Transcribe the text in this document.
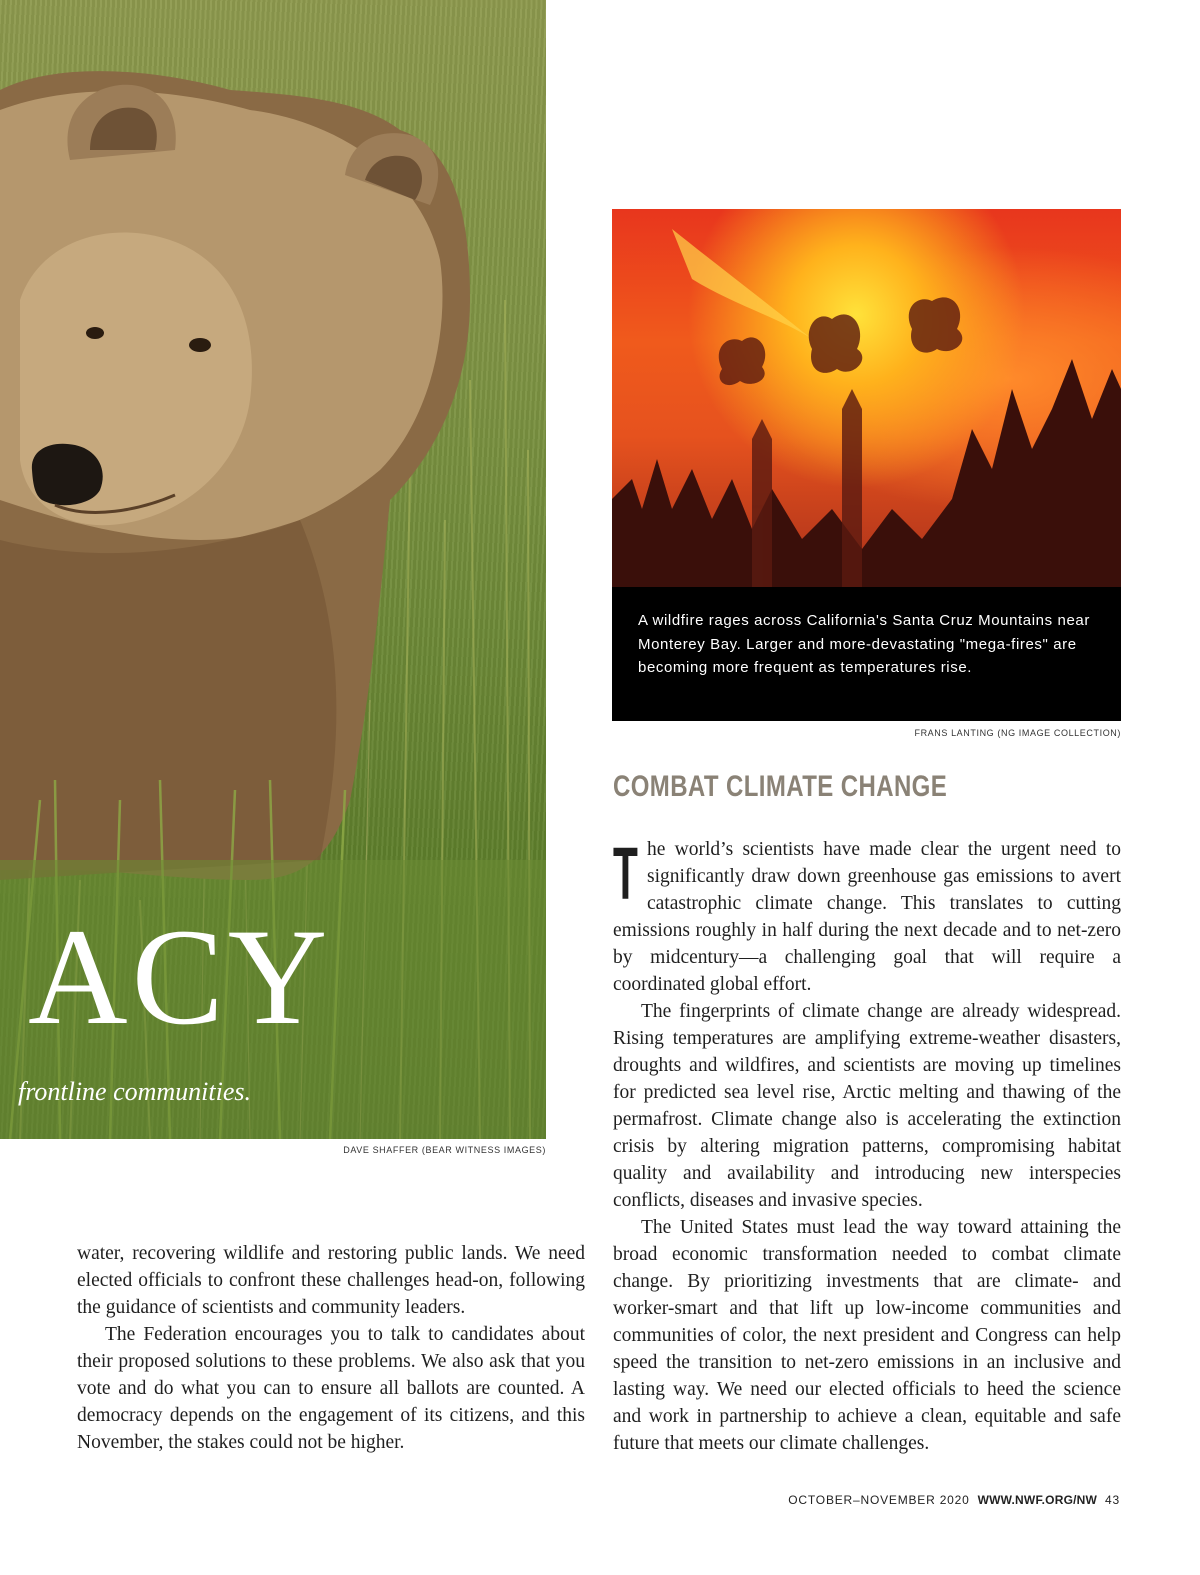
ACY

frontline communities.

DAVE SHAFFER (BEAR WITNESS IMAGES)

A wildfire rages across California's Santa Cruz Mountains near Monterey Bay. Larger and more-devastating "mega-fires" are becoming more frequent as temperatures rise.

FRANS LANTING (NG IMAGE COLLECTION)
COMBAT CLIMATE CHANGE

The world’s scientists have made clear the urgent need to significantly draw down greenhouse gas emissions to avert catastrophic climate change. This translates to cutting emissions roughly in half during the next decade and to net-zero by midcentury—a challenging goal that will require a coordinated global effort.

The fingerprints of climate change are already widespread. Rising temperatures are amplifying extreme-weather disasters, droughts and wildfires, and scientists are moving up timelines for predicted sea level rise, Arctic melting and thawing of the permafrost. Climate change also is accelerating the extinction crisis by altering migration patterns, compromising habitat quality and availability and introducing new interspecies conflicts, diseases and invasive species.

The United States must lead the way toward attaining the broad economic transformation needed to combat climate change. By prioritizing investments that are climate- and worker-smart and that lift up low-income communities and communities of color, the next president and Congress can help speed the transition to net-zero emissions in an inclusive and lasting way. We need our elected officials to heed the science and work in partnership to achieve a clean, equitable and safe future that meets our climate challenges.

water, recovering wildlife and restoring public lands. We need elected officials to confront these challenges head-on, following the guidance of scientists and community leaders.

The Federation encourages you to talk to candidates about their proposed solutions to these problems. We also ask that you vote and do what you can to ensure all ballots are counted. A democracy depends on the engagement of its citizens, and this November, the stakes could not be higher.

OCTOBER–NOVEMBER 2020 WWW.NWF.ORG/NW 43
